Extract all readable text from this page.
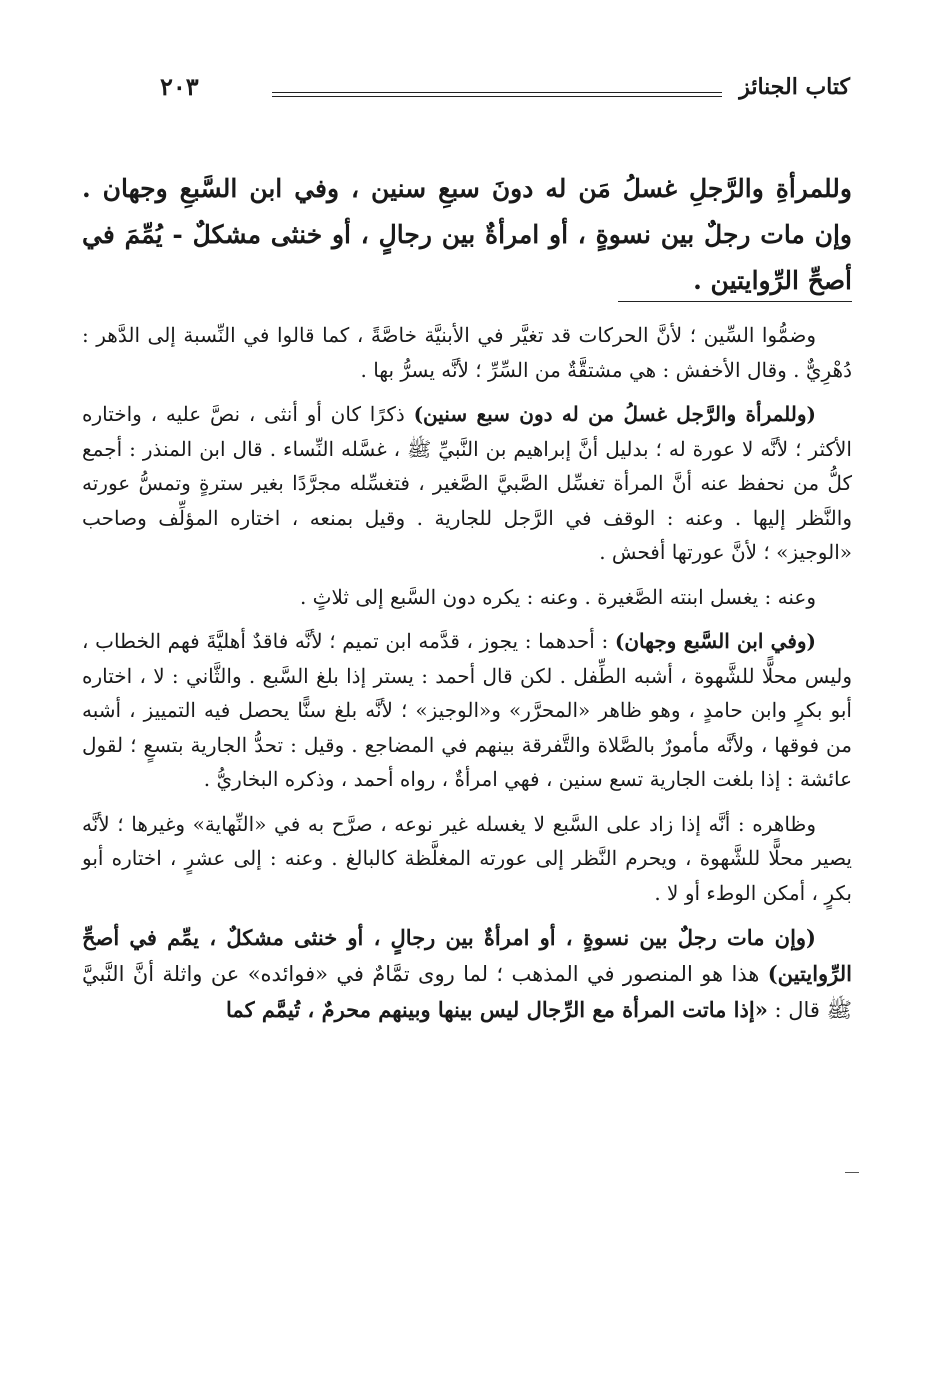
كتاب الجنائز
٢٠٣
وللمرأةِ والرَّجلِ غسلُ مَن له دونَ سبعِ سنين ، وفي ابن السَّبعِ وجهان . وإن مات رجلٌ بين نسوةٍ ، أو امرأةٌ بين رجالٍ ، أو خنثى مشكلٌ - يُمِّمَ في أصحِّ الرِّوايتين .

وضمُّوا السِّين ؛ لأنَّ الحركات قد تغيَّر في الأبنيَّة خاصَّةً ، كما قالوا في النِّسبة إلى الدَّهر : دُهْرِيٌّ . وقال الأخفش : هي مشتقَّةٌ من السِّرِّ ؛ لأنَّه يسرُّ بها .

(وللمرأة والرَّجل غسلُ من له دون سبع سنين) ذكرًا كان أو أنثى ، نصَّ عليه ، واختاره الأكثر ؛ لأنَّه لا عورة له ؛ بدليل أنَّ إبراهيم بن النَّبيِّ ﷺ ، غسَّله النِّساء . قال ابن المنذر : أجمع كلُّ من نحفظ عنه أنَّ المرأة تغسِّل الصَّبيَّ الصَّغير ، فتغسِّله مجرَّدًا بغير سترةٍ وتمسُّ عورته والنَّظر إليها . وعنه : الوقف في الرَّجل للجارية . وقيل بمنعه ، اختاره المؤلِّف وصاحب «الوجيز» ؛ لأنَّ عورتها أفحش .

وعنه : يغسل ابنته الصَّغيرة . وعنه : يكره دون السَّبع إلى ثلاثٍ .

(وفي ابن السَّبع وجهان) : أحدهما : يجوز ، قدَّمه ابن تميم ؛ لأنَّه فاقدٌ أهليَّةَ فهم الخطاب ، وليس محلًّا للشَّهوة ، أشبه الطِّفل . لكن قال أحمد : يستر إذا بلغ السَّبع . والثَّاني : لا ، اختاره أبو بكرٍ وابن حامدٍ ، وهو ظاهر «المحرَّر» و«الوجيز» ؛ لأنَّه بلغ سنًّا يحصل فيه التمييز ، أشبه من فوقها ، ولأنَّه مأمورٌ بالصَّلاة والتَّفرقة بينهم في المضاجع . وقيل : تحدُّ الجارية بتسعٍ ؛ لقول عائشة : إذا بلغت الجارية تسع سنين ، فهي امرأةٌ ، رواه أحمد ، وذكره البخاريُّ .

وظاهره : أنَّه إذا زاد على السَّبع لا يغسله غير نوعه ، صرَّح به في «النِّهاية» وغيرها ؛ لأنَّه يصير محلًّا للشَّهوة ، ويحرم النَّظر إلى عورته المغلَّظة كالبالغ . وعنه : إلى عشرٍ ، اختاره أبو بكرٍ ، أمكن الوطء أو لا .

(وإن مات رجلٌ بين نسوةٍ ، أو امرأةٌ بين رجالٍ ، أو خنثى مشكلٌ ، يمِّم في أصحِّ الرِّوايتين) هذا هو المنصور في المذهب ؛ لما روى تمَّامٌ في «فوائده» عن واثلة أنَّ النَّبيَّ ﷺ قال : «إذا ماتت المرأة مع الرِّجال ليس بينها وبينهم محرمٌ ، تُيمَّم كما
